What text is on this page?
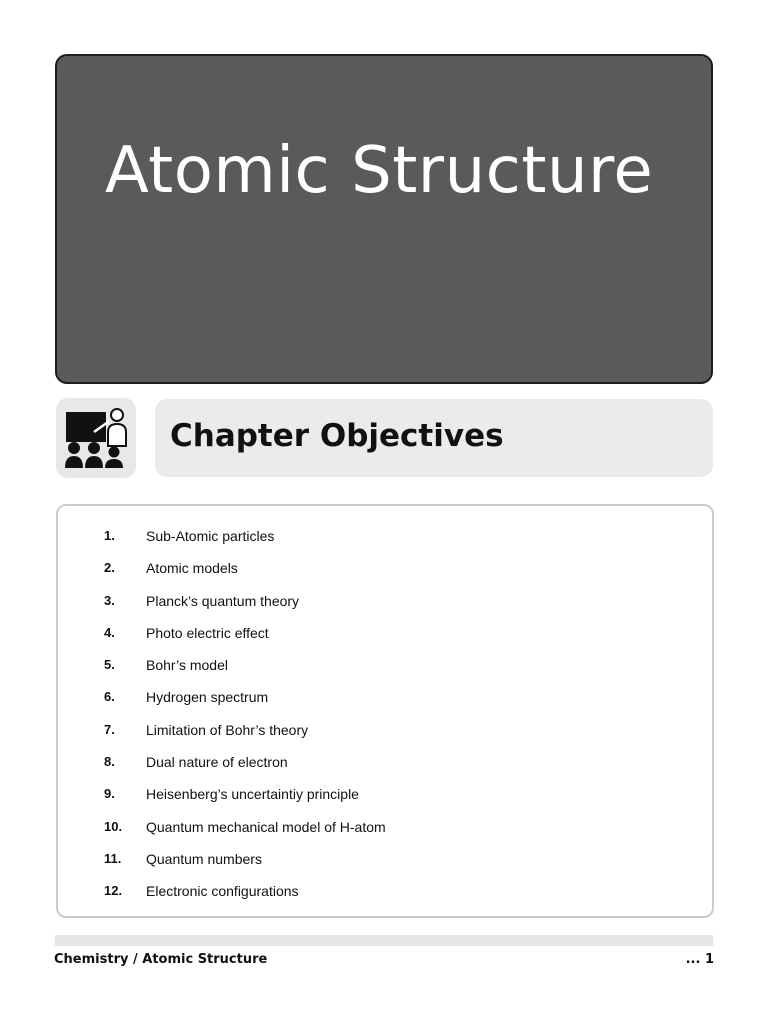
Atomic Structure
Chapter Objectives
1. Sub-Atomic particles
2. Atomic models
3. Planck’s quantum theory
4. Photo electric effect
5. Bohr’s model
6. Hydrogen spectrum
7. Limitation of Bohr’s theory
8. Dual nature of electron
9. Heisenberg’s uncertaintiy principle
10. Quantum mechanical model of H-atom
11. Quantum numbers
12. Electronic configurations
Chemistry / Atomic Structure	... 1
